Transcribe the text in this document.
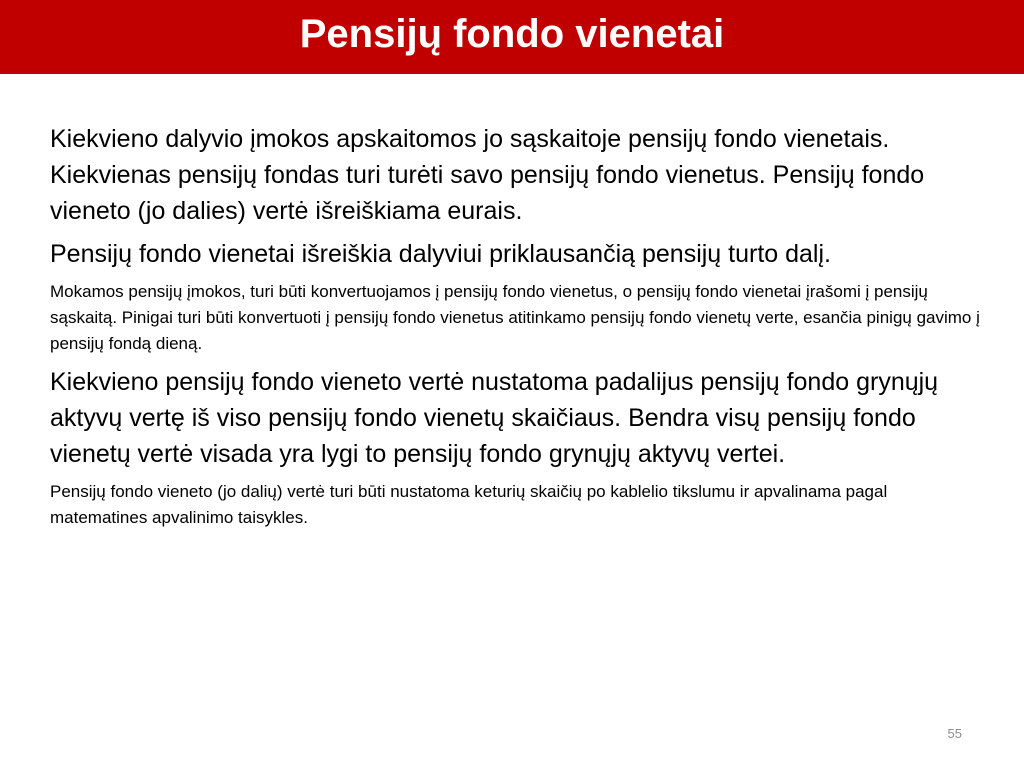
Pensijų fondo vienetai

Kiekvieno dalyvio įmokos apskaitomos jo sąskaitoje pensijų fondo vienetais. Kiekvienas pensijų fondas turi turėti savo pensijų fondo vienetus. Pensijų fondo vieneto (jo dalies) vertė išreiškiama eurais.

Pensijų fondo vienetai išreiškia dalyviui priklausančią pensijų turto dalį.

Mokamos pensijų įmokos, turi būti konvertuojamos į pensijų fondo vienetus, o pensijų fondo vienetai įrašomi į pensijų sąskaitą. Pinigai turi būti konvertuoti į pensijų fondo vienetus atitinkamo pensijų fondo vienetų verte, esančia pinigų gavimo į pensijų fondą dieną.

Kiekvieno pensijų fondo vieneto vertė nustatoma padalijus pensijų fondo grynųjų aktyvų vertę iš viso pensijų fondo vienetų skaičiaus. Bendra visų pensijų fondo vienetų vertė visada yra lygi to pensijų fondo grynųjų aktyvų vertei.

Pensijų fondo vieneto (jo dalių) vertė turi būti nustatoma keturių skaičių po kablelio tikslumu ir apvalinama pagal matematines apvalinimo taisykles.

55
